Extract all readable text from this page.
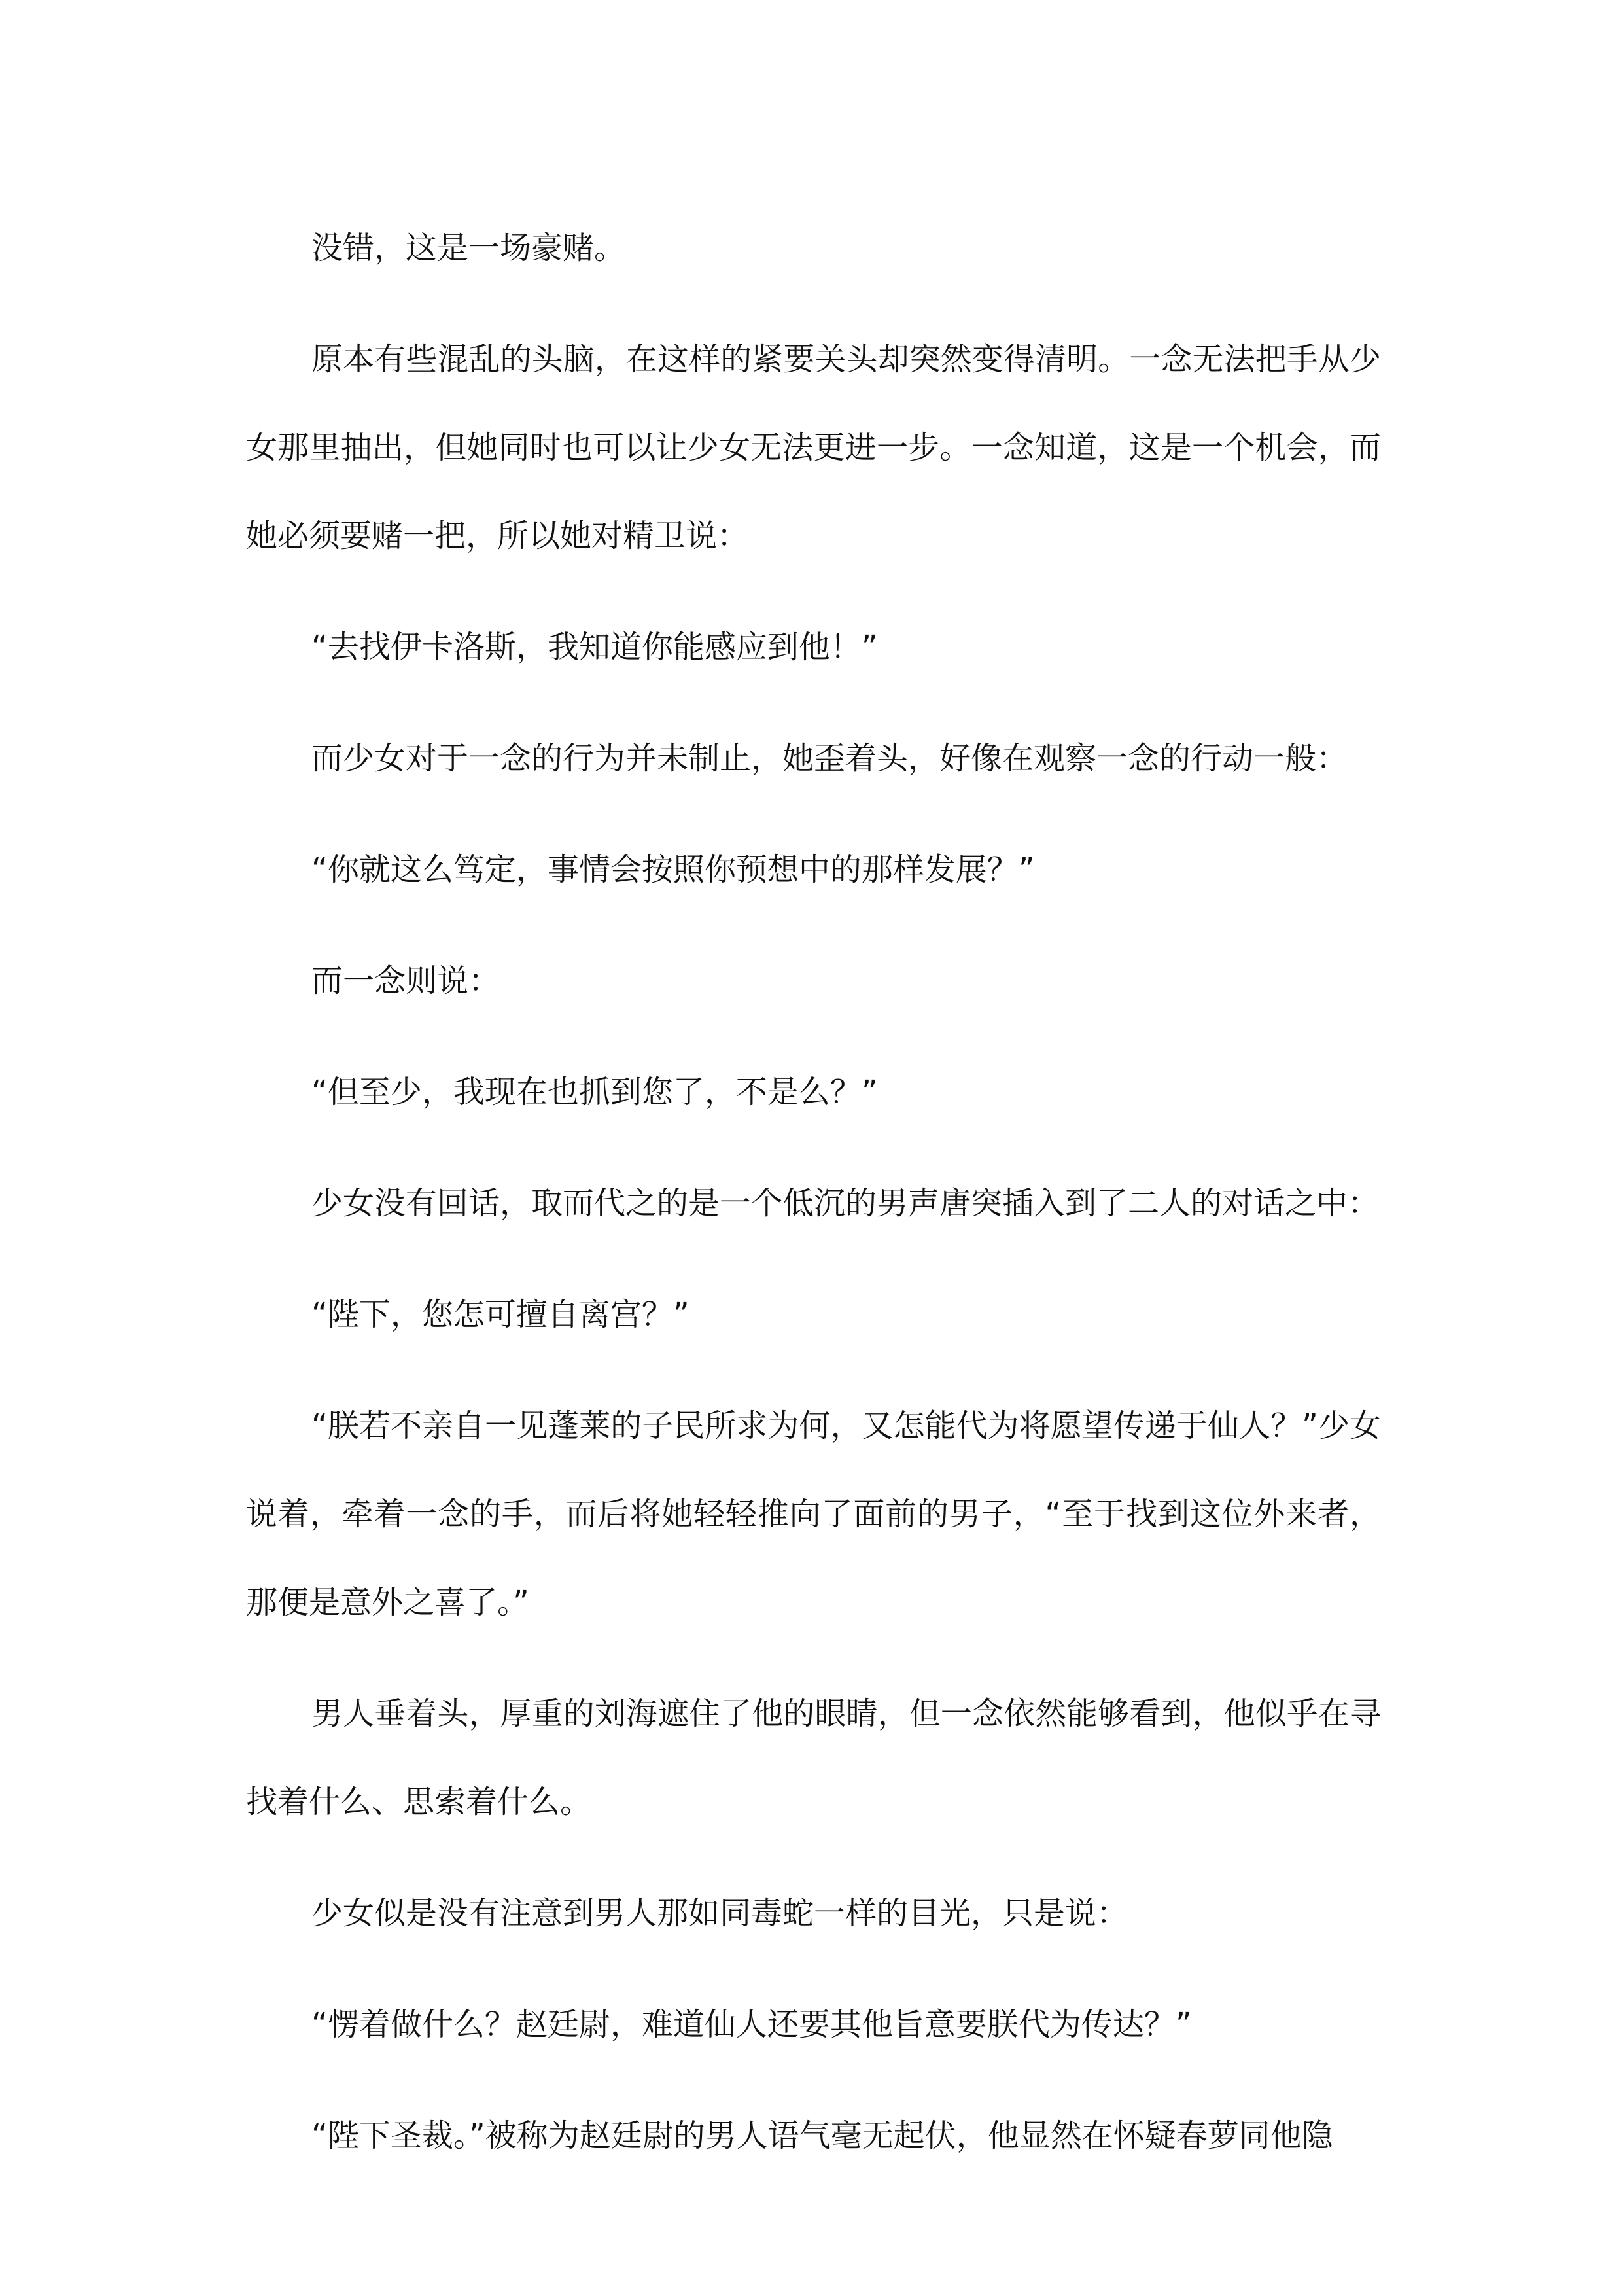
没错，这是一场豪赌。

原本有些混乱的头脑，在这样的紧要关头却突然变得清明。一念无法把手从少女那里抽出，但她同时也可以让少女无法更进一步。一念知道，这是一个机会，而她必须要赌一把，所以她对精卫说：

“去找伊卡洛斯，我知道你能感应到他！”

而少女对于一念的行为并未制止，她歪着头，好像在观察一念的行动一般：

“你就这么笃定，事情会按照你预想中的那样发展？”

而一念则说：

“但至少，我现在也抓到您了，不是么？”

少女没有回话，取而代之的是一个低沉的男声唐突插入到了二人的对话之中：

“陛下，您怎可擅自离宫？”

“朕若不亲自一见蓬莱的子民所求为何，又怎能代为将愿望传递于仙人？”少女说着，牵着一念的手，而后将她轻轻推向了面前的男子，“至于找到这位外来者，那便是意外之喜了。”

男人垂着头，厚重的刘海遮住了他的眼睛，但一念依然能够看到，他似乎在寻找着什么、思索着什么。

少女似是没有注意到男人那如同毒蛇一样的目光，只是说：

“愣着做什么？赵廷尉，难道仙人还要其他旨意要朕代为传达？”

“陛下圣裁。”被称为赵廷尉的男人语气毫无起伏，他显然在怀疑春萝同他隐
